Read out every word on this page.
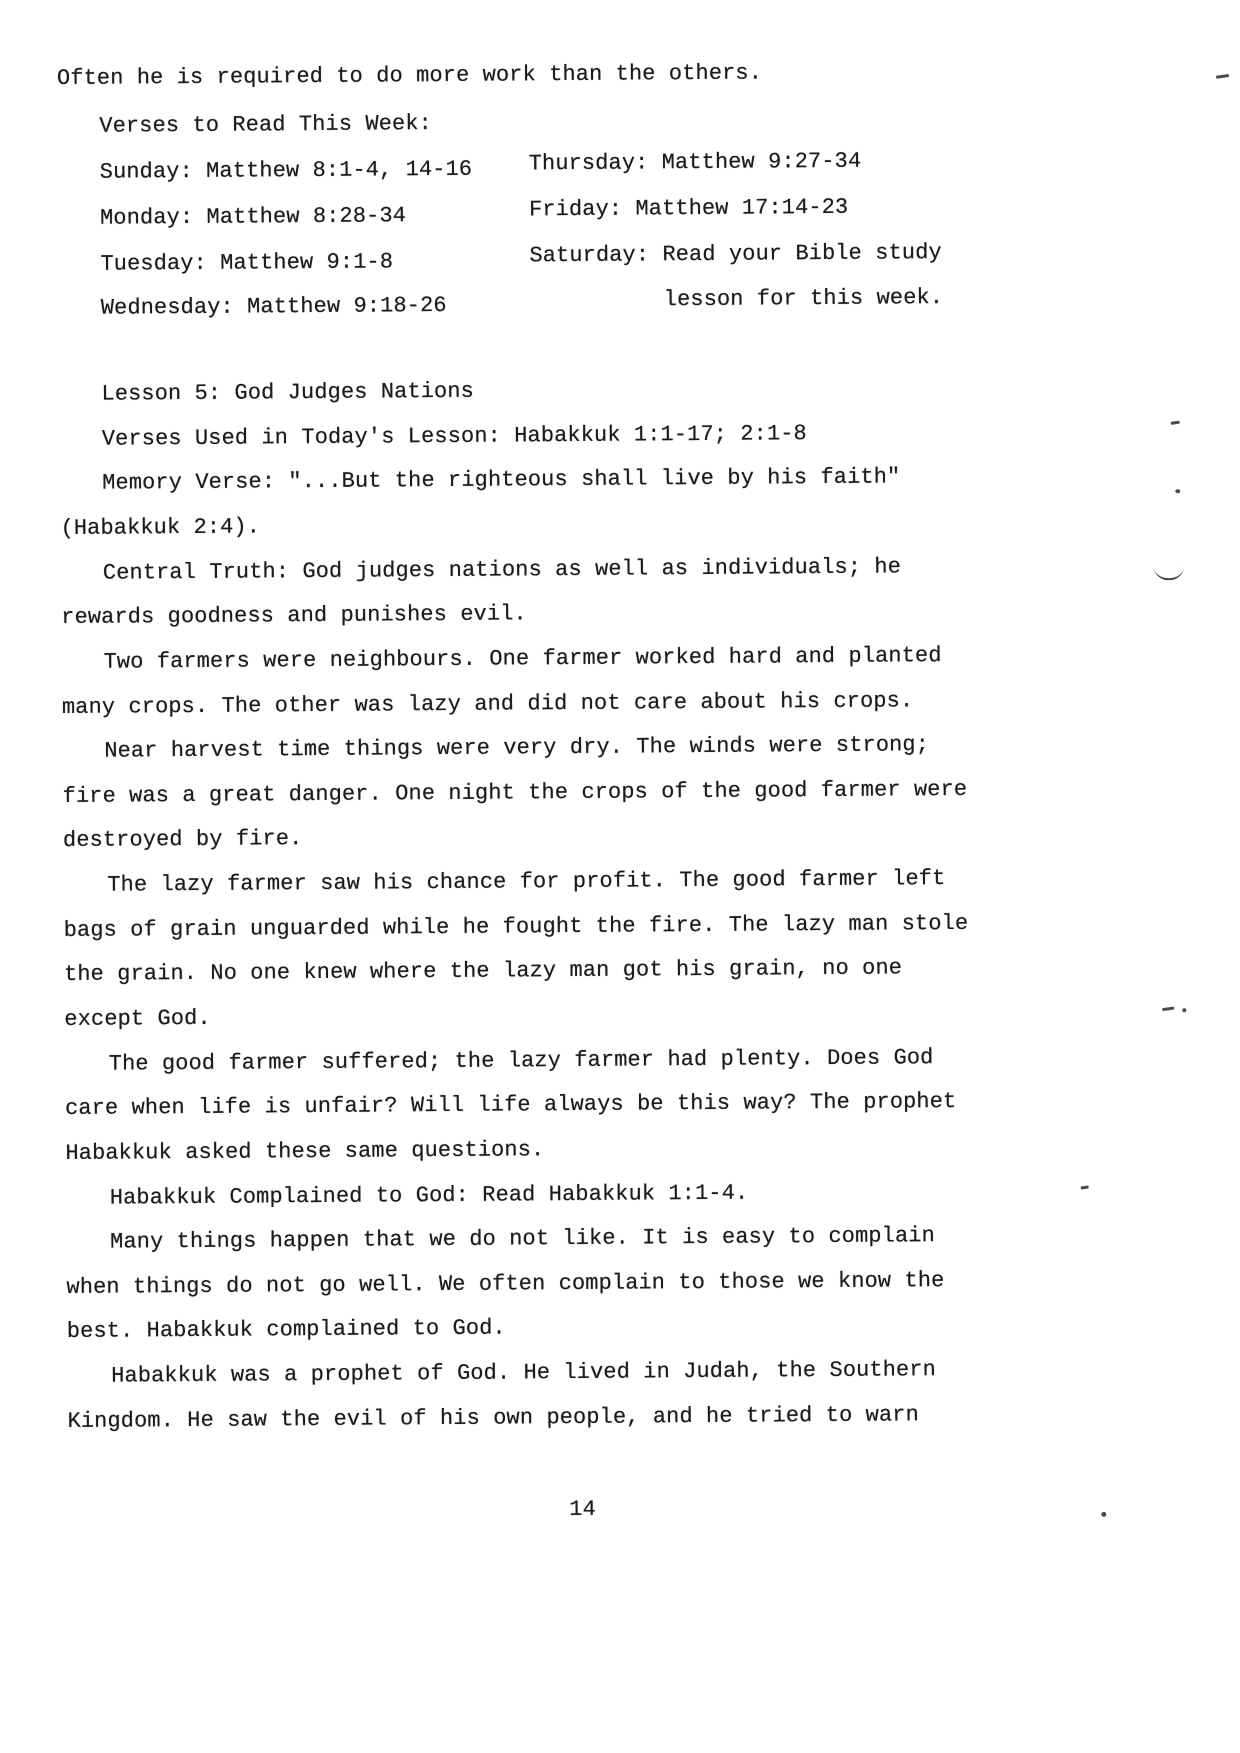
Often he is required to do more work than the others.
Verses to Read This Week:
Sunday: Matthew 8:1-4, 14-16	Thursday: Matthew 9:27-34
Monday: Matthew 8:28-34	Friday: Matthew 17:14-23
Tuesday: Matthew 9:1-8	Saturday: Read your Bible study
Wednesday: Matthew 9:18-26	lesson for this week.
Lesson 5: God Judges Nations
Verses Used in Today's Lesson: Habakkuk 1:1-17; 2:1-8
Memory Verse: "...But the righteous shall live by his faith"
(Habakkuk 2:4).
Central Truth: God judges nations as well as individuals; he
rewards goodness and punishes evil.
Two farmers were neighbours. One farmer worked hard and planted
many crops. The other was lazy and did not care about his crops.
Near harvest time things were very dry. The winds were strong;
fire was a great danger. One night the crops of the good farmer were
destroyed by fire.
The lazy farmer saw his chance for profit. The good farmer left
bags of grain unguarded while he fought the fire. The lazy man stole
the grain. No one knew where the lazy man got his grain, no one
except God.
The good farmer suffered; the lazy farmer had plenty. Does God
care when life is unfair? Will life always be this way? The prophet
Habakkuk asked these same questions.
Habakkuk Complained to God: Read Habakkuk 1:1-4.
Many things happen that we do not like. It is easy to complain
when things do not go well. We often complain to those we know the
best. Habakkuk complained to God.
Habakkuk was a prophet of God. He lived in Judah, the Southern
Kingdom. He saw the evil of his own people, and he tried to warn
14
